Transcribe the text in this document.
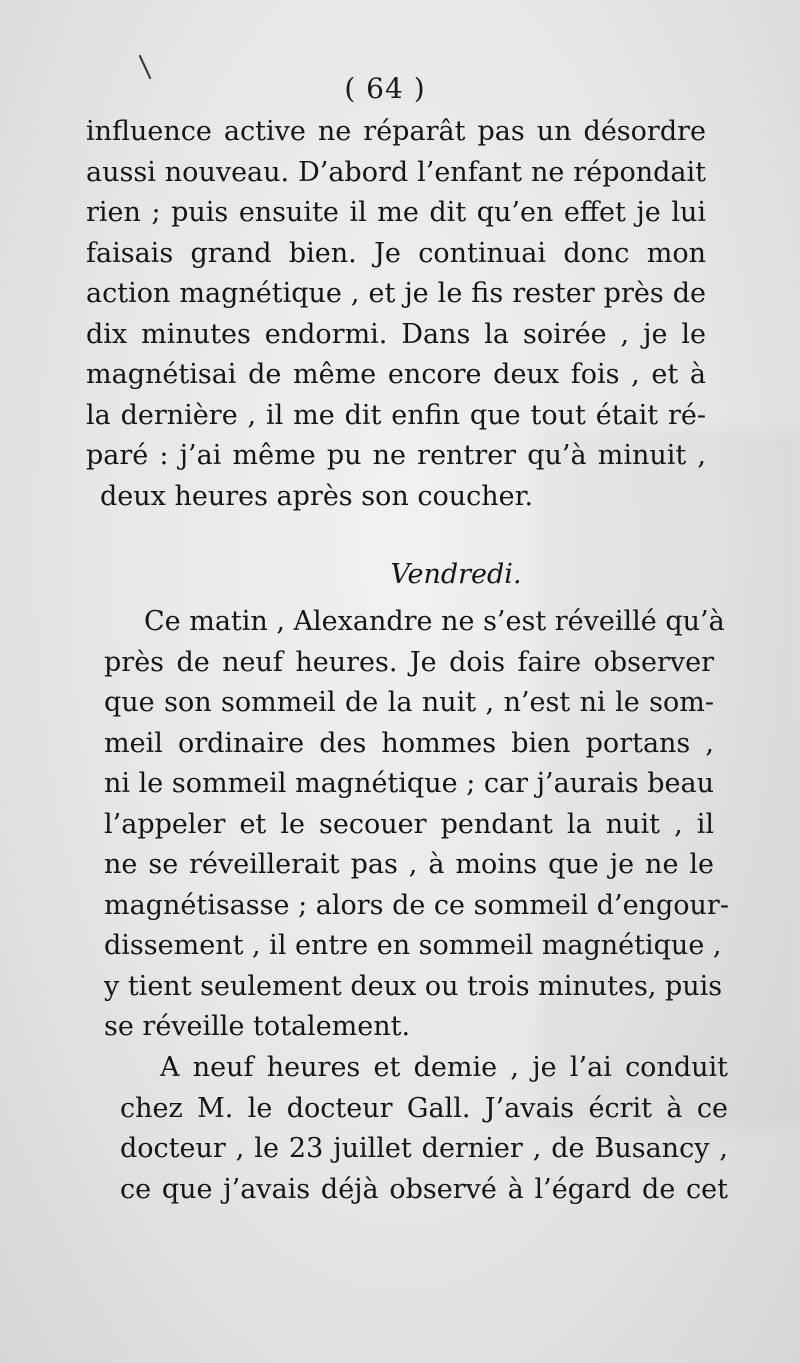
( 64 )
influence active ne réparât pas un désordre
aussi nouveau. D’abord l’enfant ne répondait
rien ; puis ensuite il me dit qu’en effet je lui
faisais grand bien. Je continuai donc mon
action magnétique , et je le fis rester près de
dix minutes endormi. Dans la soirée , je le
magnétisai de même encore deux fois , et à
la dernière , il me dit enfin que tout était ré-
paré : j’ai même pu ne rentrer qu’à minuit ,
deux heures après son coucher.
Vendredi.
Ce matin , Alexandre ne s’est réveillé qu’à
près de neuf heures. Je dois faire observer
que son sommeil de la nuit , n’est ni le som-
meil ordinaire des hommes bien portans ,
ni le sommeil magnétique ; car j’aurais beau
l’appeler et le secouer pendant la nuit , il
ne se réveillerait pas , à moins que je ne le
magnétisasse ; alors de ce sommeil d’engour-
dissement , il entre en sommeil magnétique ,
y tient seulement deux ou trois minutes, puis
se réveille totalement.
A neuf heures et demie , je l’ai conduit
chez M. le docteur Gall. J’avais écrit à ce
docteur , le 23 juillet dernier , de Busancy ,
ce que j’avais déjà observé à l’égard de cet
